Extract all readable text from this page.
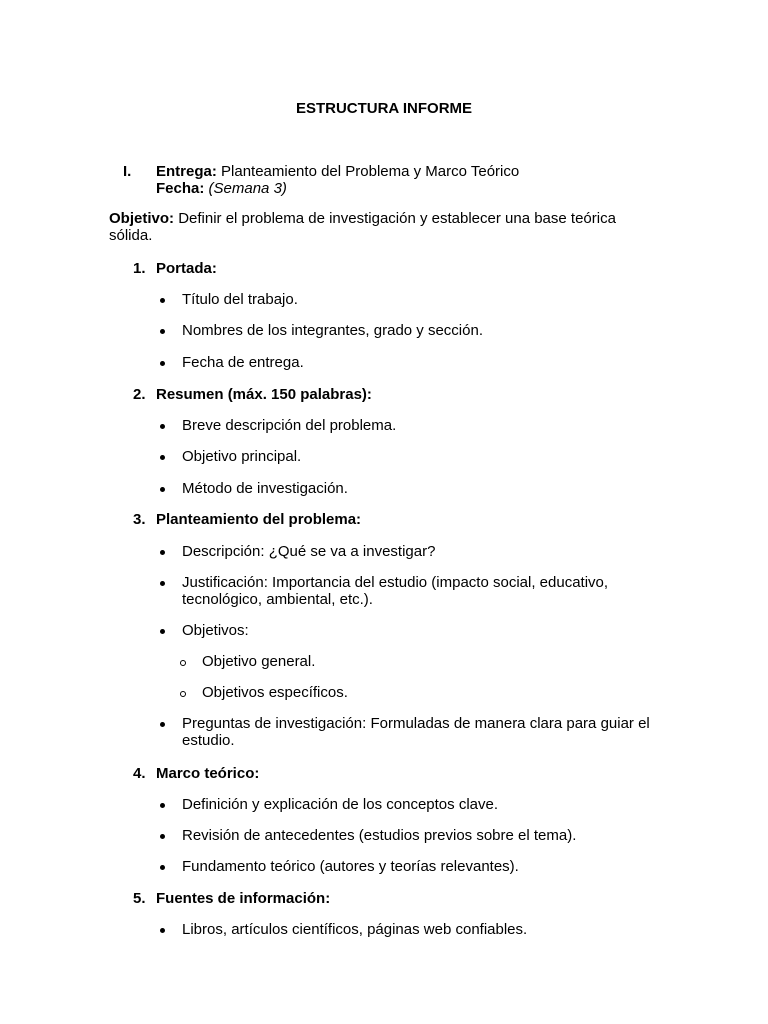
ESTRUCTURA INFORME
I. Entrega: Planteamiento del Problema y Marco Teórico
Fecha: (Semana 3)
Objetivo: Definir el problema de investigación y establecer una base teórica sólida.
1. Portada:
Título del trabajo.
Nombres de los integrantes, grado y sección.
Fecha de entrega.
2. Resumen (máx. 150 palabras):
Breve descripción del problema.
Objetivo principal.
Método de investigación.
3. Planteamiento del problema:
Descripción: ¿Qué se va a investigar?
Justificación: Importancia del estudio (impacto social, educativo, tecnológico, ambiental, etc.).
Objetivos:
Objetivo general.
Objetivos específicos.
Preguntas de investigación: Formuladas de manera clara para guiar el estudio.
4. Marco teórico:
Definición y explicación de los conceptos clave.
Revisión de antecedentes (estudios previos sobre el tema).
Fundamento teórico (autores y teorías relevantes).
5. Fuentes de información:
Libros, artículos científicos, páginas web confiables.
